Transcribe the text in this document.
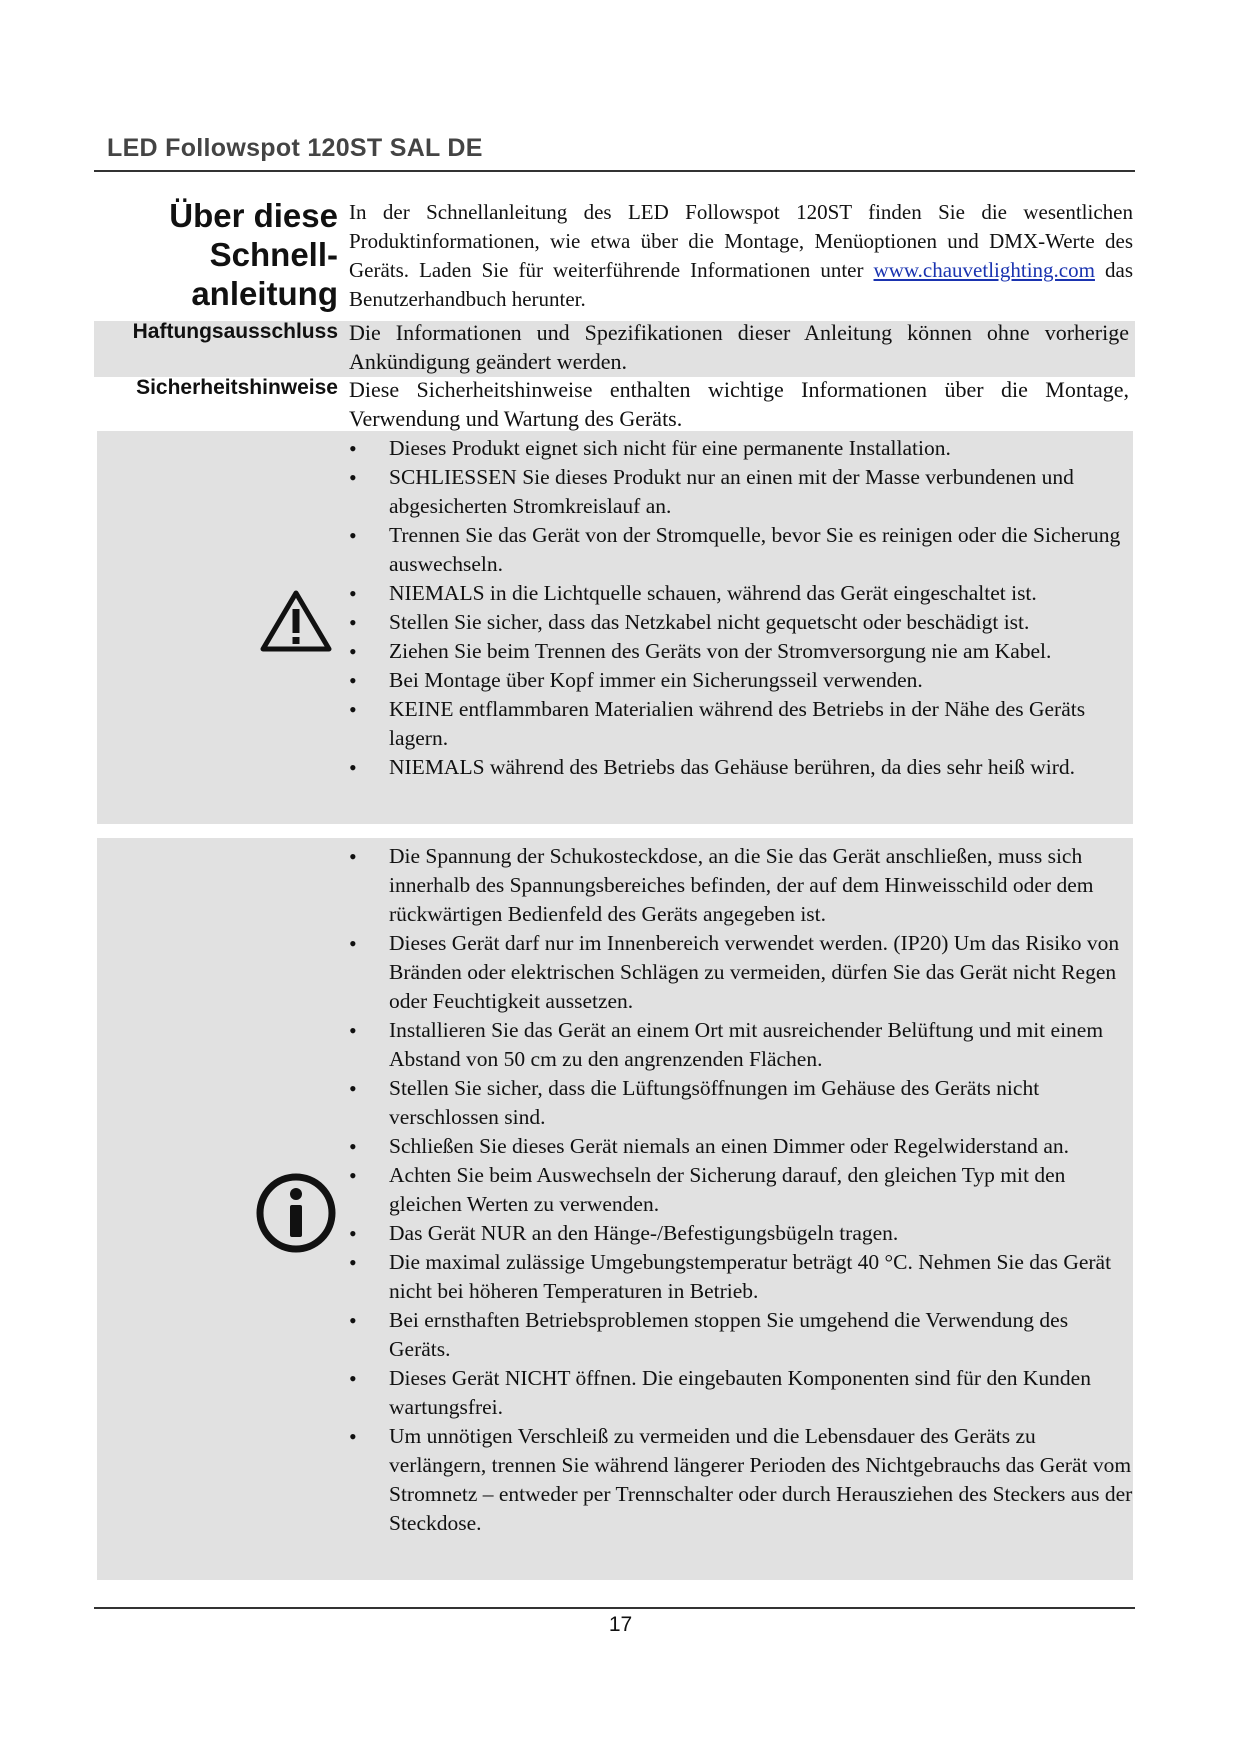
LED Followspot 120ST SAL DE
Über diese
Schnell-
anleitung
In der Schnellanleitung des LED Followspot 120ST finden Sie die wesentlichen Produktinformationen, wie etwa über die Montage, Menüoptionen und DMX-Werte des Geräts. Laden Sie für weiterführende Informationen unter www.chauvetlighting.com das Benutzerhandbuch herunter.
Haftungsausschluss Die Informationen und Spezifikationen dieser Anleitung können ohne vorherige Ankündigung geändert werden.
Sicherheitshinweise Diese Sicherheitshinweise enthalten wichtige Informationen über die Montage, Verwendung und Wartung des Geräts.
• Dieses Produkt eignet sich nicht für eine permanente Installation.
• SCHLIESSEN Sie dieses Produkt nur an einen mit der Masse verbundenen und abgesicherten Stromkreislauf an.
• Trennen Sie das Gerät von der Stromquelle, bevor Sie es reinigen oder die Sicherung auswechseln.
• NIEMALS in die Lichtquelle schauen, während das Gerät eingeschaltet ist.
• Stellen Sie sicher, dass das Netzkabel nicht gequetscht oder beschädigt ist.
• Ziehen Sie beim Trennen des Geräts von der Stromversorgung nie am Kabel.
• Bei Montage über Kopf immer ein Sicherungsseil verwenden.
• KEINE entflammbaren Materialien während des Betriebs in der Nähe des Geräts lagern.
• NIEMALS während des Betriebs das Gehäuse berühren, da dies sehr heiß wird.
• Die Spannung der Schukosteckdose, an die Sie das Gerät anschließen, muss sich innerhalb des Spannungsbereiches befinden, der auf dem Hinweisschild oder dem rückwärtigen Bedienfeld des Geräts angegeben ist.
• Dieses Gerät darf nur im Innenbereich verwendet werden. (IP20) Um das Risiko von Bränden oder elektrischen Schlägen zu vermeiden, dürfen Sie das Gerät nicht Regen oder Feuchtigkeit aussetzen.
• Installieren Sie das Gerät an einem Ort mit ausreichender Belüftung und mit einem Abstand von 50 cm zu den angrenzenden Flächen.
• Stellen Sie sicher, dass die Lüftungsöffnungen im Gehäuse des Geräts nicht verschlossen sind.
• Schließen Sie dieses Gerät niemals an einen Dimmer oder Regelwiderstand an.
• Achten Sie beim Auswechseln der Sicherung darauf, den gleichen Typ mit den gleichen Werten zu verwenden.
• Das Gerät NUR an den Hänge-/Befestigungsbügeln tragen.
• Die maximal zulässige Umgebungstemperatur beträgt 40 °C. Nehmen Sie das Gerät nicht bei höheren Temperaturen in Betrieb.
• Bei ernsthaften Betriebsproblemen stoppen Sie umgehend die Verwendung des Geräts.
• Dieses Gerät NICHT öffnen. Die eingebauten Komponenten sind für den Kunden wartungsfrei.
• Um unnötigen Verschleiß zu vermeiden und die Lebensdauer des Geräts zu verlängern, trennen Sie während längerer Perioden des Nichtgebrauchs das Gerät vom Stromnetz – entweder per Trennschalter oder durch Herausziehen des Steckers aus der Steckdose.
17
